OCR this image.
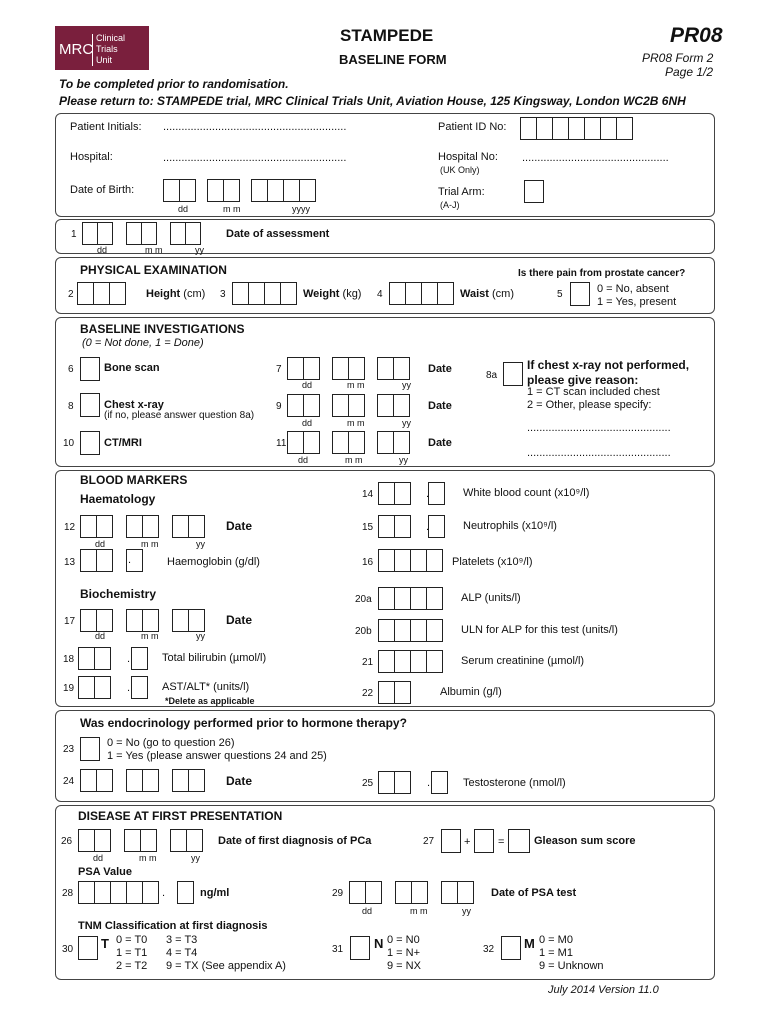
MRC
Clinical
Trials
Unit
STAMPEDE
BASELINE FORM
PR08
PR08 Form 2
Page 1/2
To be completed prior to randomisation.
Please return to: STAMPEDE trial, MRC Clinical Trials Unit, Aviation House, 125 Kingsway, London WC2B 6NH
Patient Initials: ............................................................	Patient ID No:
Hospital:	............................................................	Hospital No: ................................................
(UK Only)
Date of Birth:
dd	m m	yyyy
Trial Arm:
(A-J)
1	Date of assessment
dd	m m	yy
PHYSICAL EXAMINATION
2	Height (cm) 3	Weight (kg) 4	Waist (cm)
Is there pain from prostate cancer?
5	0 = No, absent
1 = Yes, present
BASELINE INVESTIGATIONS
(0 = Not done, 1 = Done)
6	Bone scan	7	Date
dd	m m	yy
8	Chest x-ray
(if no, please answer question 8a)
9	Date
dd	m m	yy
10	CT/MRI	11	Date
dd	m m	yy
8a
If chest x-ray not performed,
please give reason:
1 = CT scan included chest
2 = Other, please specify:
...............................................
...............................................
BLOOD MARKERS
Haematology
12	Date
dd	m m	yy
13	.	Haemoglobin (g/dl)
14	.	White blood count (x10⁹/l)
15	.	Neutrophils (x10⁹/l)
16	Platelets (x10⁹/l)
Biochemistry
17	Date
dd	m m	yy
18	.	Total bilirubin (µmol/l)
19	.	AST/ALT* (units/l)
*Delete as applicable
20a	ALP (units/l)
20b	ULN for ALP for this test (units/l)
21	Serum creatinine (µmol/l)
22	Albumin (g/l)
Was endocrinology performed prior to hormone therapy?
23
0 = No (go to question 26)
1 = Yes (please answer questions 24 and 25)
24	Date	25	.	Testosterone (nmol/l)
DISEASE AT FIRST PRESENTATION
26	Date of first diagnosis of PCa
dd	m m	yy
27	+	=	Gleason sum score
PSA Value
28	.	ng/ml	29	Date of PSA test
dd	m m	yy
TNM Classification at first diagnosis
30 T 0 = T0
1 = T1
2 = T2
3 = T3
4 = T4
9 = TX (See appendix A)
31 N 0 = N0
1 = N+
9 = NX
32 M 0 = M0
1 = M1
9 = Unknown
July 2014 Version 11.0
